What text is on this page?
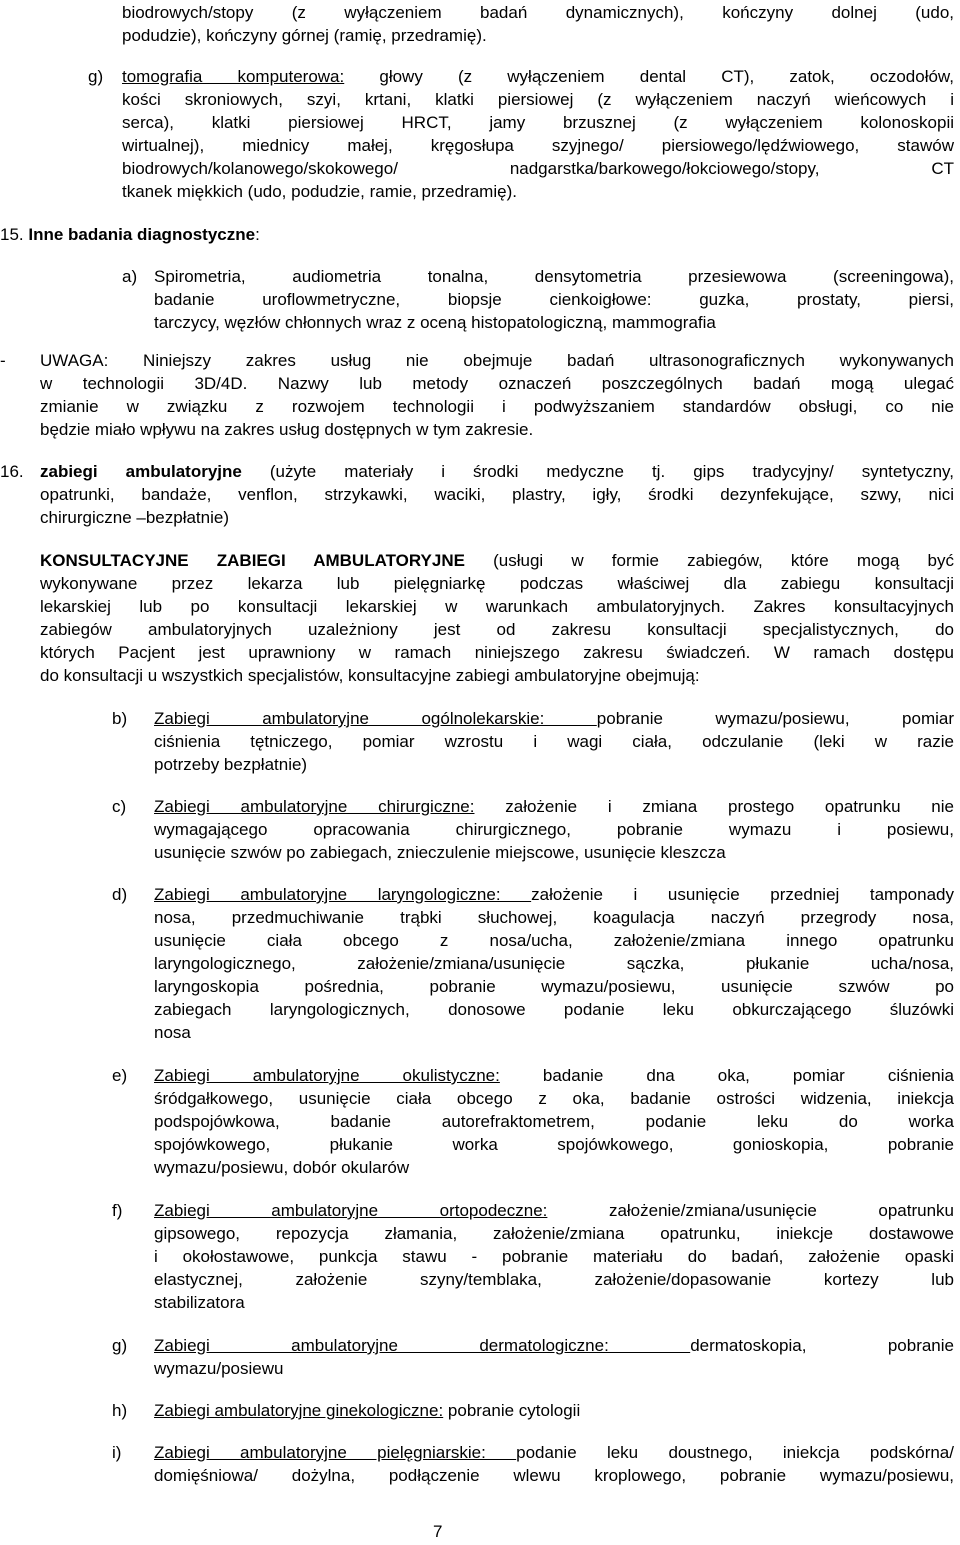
biodrowych/stopy (z wyłączeniem badań dynamicznych), kończyny dolnej (udo,
podudzie), kończyny górnej (ramię, przedramię).
g) tomografia komputerowa: głowy (z wyłączeniem dental CT), zatok, oczodołów,
kości skroniowych, szyi, krtani, klatki piersiowej (z wyłączeniem naczyń wieńcowych i
serca), klatki piersiowej HRCT, jamy brzusznej (z wyłączeniem kolonoskopii
wirtualnej), miednicy małej, kręgosłupa szyjnego/ piersiowego/lędźwiowego, stawów
biodrowych/kolanowego/skokowego/ nadgarstka/barkowego/łokciowego/stopy, CT
tkanek miękkich (udo, podudzie, ramie, przedramię).
15. Inne badania diagnostyczne:
a) Spirometria, audiometria tonalna, densytometria przesiewowa (screeningowa),
badanie uroflowmetryczne, biopsje cienkoigłowe: guzka, prostaty, piersi,
tarczycy, węzłów chłonnych wraz z oceną histopatologiczną, mammografia
- UWAGA: Niniejszy zakres usług nie obejmuje badań ultrasonograficznych wykonywanych
w technologii 3D/4D. Nazwy lub metody oznaczeń poszczególnych badań mogą ulegać
zmianie w związku z rozwojem technologii i podwyższaniem standardów obsługi, co nie
będzie miało wpływu na zakres usług dostępnych w tym zakresie.
16. zabiegi ambulatoryjne (użyte materiały i środki medyczne tj. gips tradycyjny/ syntetyczny,
opatrunki, bandaże, venflon, strzykawki, waciki, plastry, igły, środki dezynfekujące, szwy, nici
chirurgiczne –bezpłatnie)
KONSULTACYJNE ZABIEGI AMBULATORYJNE (usługi w formie zabiegów, które mogą być
wykonywane przez lekarza lub pielęgniarkę podczas właściwej dla zabiegu konsultacji
lekarskiej lub po konsultacji lekarskiej w warunkach ambulatoryjnych. Zakres konsultacyjnych
zabiegów ambulatoryjnych uzależniony jest od zakresu konsultacji specjalistycznych, do
których Pacjent jest uprawniony w ramach niniejszego zakresu świadczeń. W ramach dostępu
do konsultacji u wszystkich specjalistów, konsultacyjne zabiegi ambulatoryjne obejmują:
b) Zabiegi ambulatoryjne ogólnolekarskie: pobranie wymazu/posiewu, pomiar
ciśnienia tętniczego, pomiar wzrostu i wagi ciała, odczulanie (leki w razie
potrzeby bezpłatnie)
c) Zabiegi ambulatoryjne chirurgiczne: założenie i zmiana prostego opatrunku nie
wymagającego opracowania chirurgicznego, pobranie wymazu i posiewu,
usunięcie szwów po zabiegach, znieczulenie miejscowe, usunięcie kleszcza
d) Zabiegi ambulatoryjne laryngologiczne: założenie i usunięcie przedniej tamponady
nosa, przedmuchiwanie trąbki słuchowej, koagulacja naczyń przegrody nosa,
usunięcie ciała obcego z nosa/ucha, założenie/zmiana innego opatrunku
laryngologicznego, założenie/zmiana/usunięcie sączka, płukanie ucha/nosa,
laryngoskopia pośrednia, pobranie wymazu/posiewu, usunięcie szwów po
zabiegach laryngologicznych, donosowe podanie leku obkurczającego śluzówki
nosa
e) Zabiegi ambulatoryjne okulistyczne: badanie dna oka, pomiar ciśnienia
śródgałkowego, usunięcie ciała obcego z oka, badanie ostrości widzenia, iniekcja
podspojówkowa, badanie autorefraktometrem, podanie leku do worka
spojówkowego, płukanie worka spojówkowego, gonioskopia, pobranie
wymazu/posiewu, dobór okularów
f) Zabiegi ambulatoryjne ortopodeczne: założenie/zmiana/usunięcie opatrunku
gipsowego, repozycja złamania, założenie/zmiana opatrunku, iniekcje dostawowe
i okołostawowe, punkcja stawu - pobranie materiału do badań, założenie opaski
elastycznej, założenie szyny/temblaka, założenie/dopasowanie kortezy lub
stabilizatora
g) Zabiegi ambulatoryjne dermatologiczne: dermatoskopia, pobranie
wymazu/posiewu
h) Zabiegi ambulatoryjne ginekologiczne: pobranie cytologii
i) Zabiegi ambulatoryjne pielęgniarskie: podanie leku doustnego, iniekcja podskórna/
domięśniowa/ dożylna, podłączenie wlewu kroplowego, pobranie wymazu/posiewu,
7
